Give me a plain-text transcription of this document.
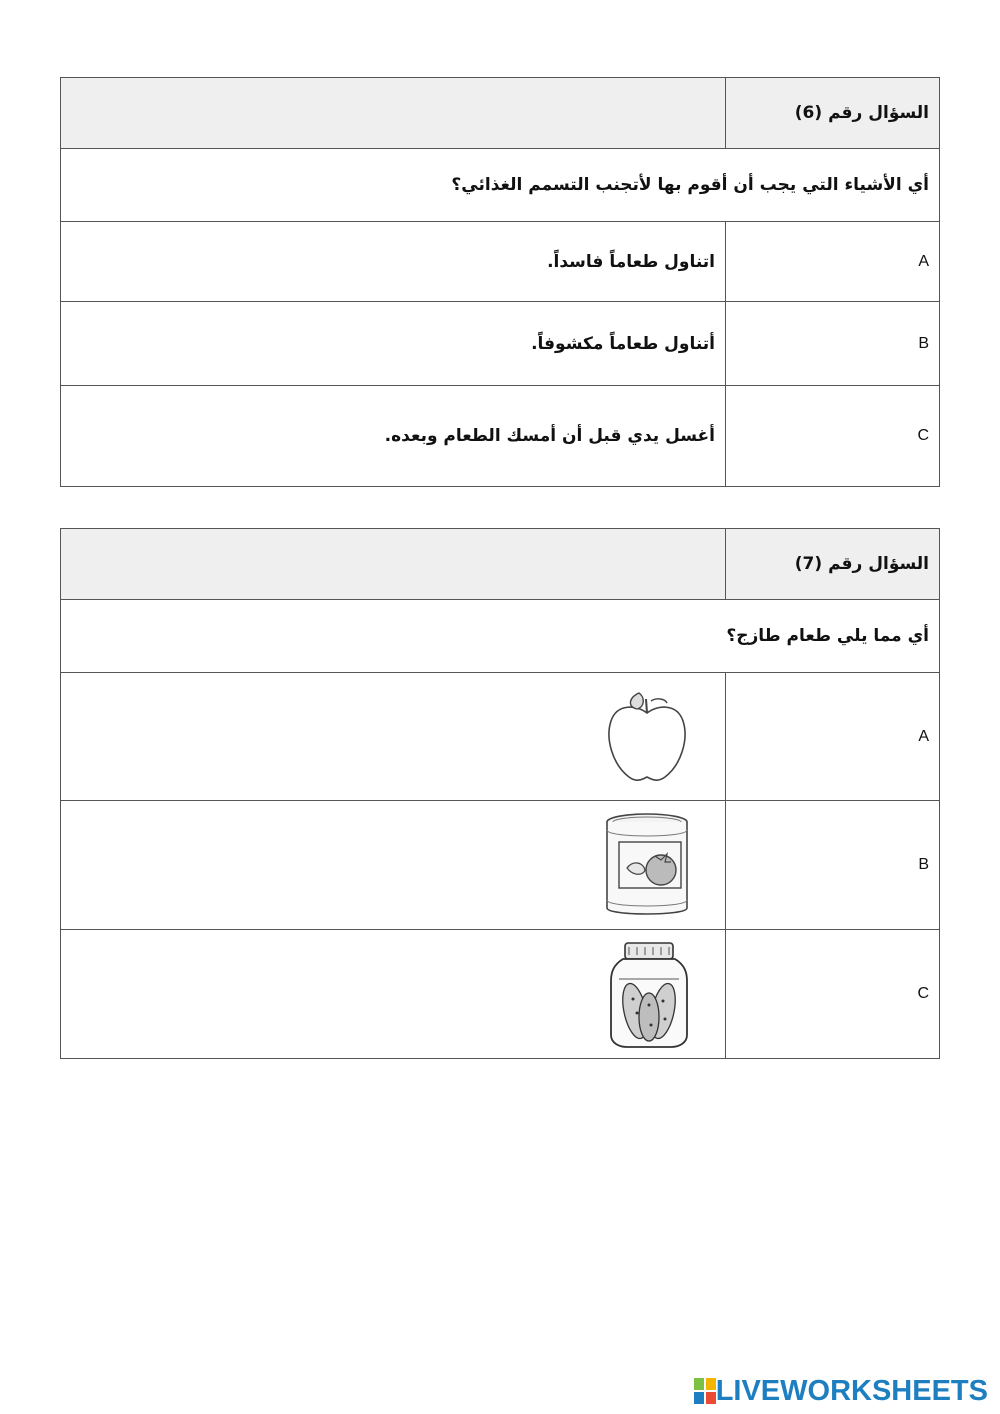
السؤال رقم (6)	
أي الأشياء التي يجب أن أقوم بها لأتجنب التسمم الغذائي؟	
A	اتناول طعاماً فاسداً.
B	أتناول طعاماً مكشوفاً.
C	أغسل يدي قبل أن أمسك الطعام وبعده.
السؤال رقم (7)	
أي مما يلي طعام طازج؟	
A	
B	
C	
LIVEWORKSHEETS
